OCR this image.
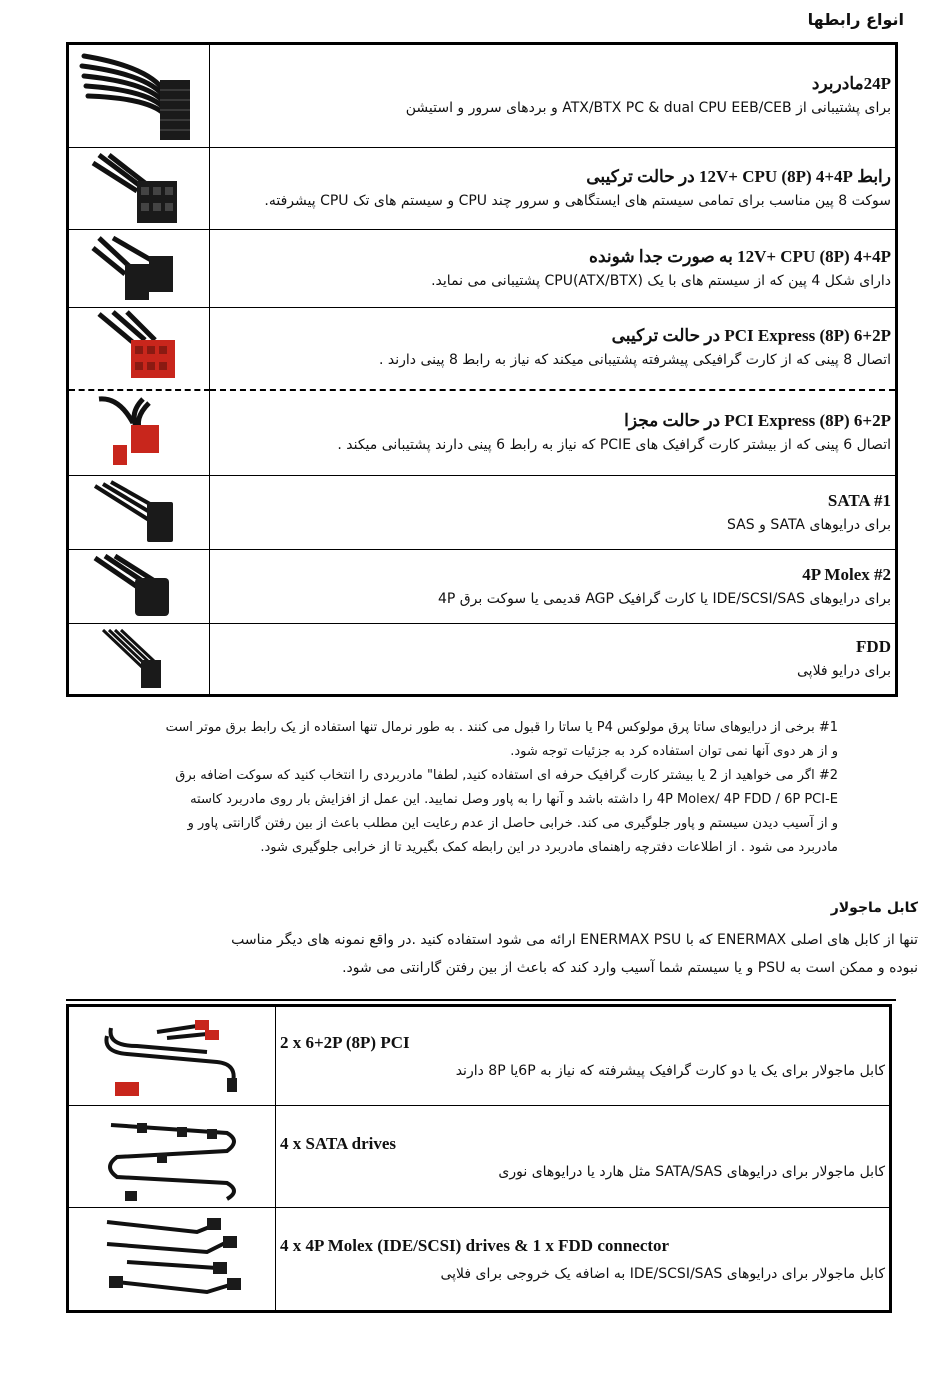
انواع رابطها

24Pمادربرد
برای پشتیبانی از ATX/BTX PC & dual CPU EEB/CEB و بردهای سرور و استیشن

رابط 12V+ CPU (8P) 4+4P در حالت ترکیبی
سوکت 8 پین مناسب برای تمامی سیستم های ایستگاهی و سرور چند CPU و سیستم های تک CPU پیشرفته.

12V+ CPU (8P) 4+4P به صورت جدا شونده
دارای شکل 4 پین که از سیستم های با یک CPU(ATX/BTX) پشتیبانی می نماید.

PCI Express (8P) 6+2P در حالت ترکیبی
اتصال 8 پینی که از کارت گرافیکی پیشرفته پشتیبانی میکند که نیاز به رابط 8 پینی دارند .

PCI Express (8P) 6+2P در حالت مجزا
اتصال 6 پینی که از بیشتر کارت گرافیک های PCIE که نیاز به رابط 6 پینی دارند پشتیبانی میکند .

SATA #1
برای درایوهای SATA و SAS

4P Molex #2
برای درایوهای IDE/SCSI/SAS یا کارت گرافیک AGP قدیمی یا سوکت برق 4P

FDD
برای درایو فلاپی

#1 برخی از درایوهای ساتا پرق مولوکس P4 یا ساتا را قبول می کنند . به طور نرمال تنها استفاده از یک رابط برق موتر است

و از هر دوی آنها نمی توان استفاده کرد به جزئیات توجه شود.

#2 اگر می خواهید از 2 یا بیشتر کارت گرافیک حرفه ای استفاده کنید, لطفا" مادربردی را انتخاب کنید که سوکت اضافه برق

4P Molex/ 4P FDD / 6P PCI-E را داشته باشد و آنها را به پاور وصل نمایید. این عمل از افزایش بار روی مادربرد کاسته

و از آسیب دیدن سیستم و پاور جلوگیری می کند. خرابی حاصل از عدم رعایت این مطلب باعث از بین رفتن گارانتی پاور و

مادربرد می شود . از اطلاعات دفترچه راهنمای مادربرد در این رابطه کمک بگیرید تا از خرابی جلوگیری شود.

کابل ماجولار
تنها از کابل های اصلی ENERMAX که با ENERMAX PSU ارائه می شود استفاده کنید .در واقع نمونه های دیگر مناسب
نبوده و ممکن است به PSU و یا سیستم شما آسیب وارد کند که باعث از بین رفتن گارانتی می شود.

2 x 6+2P (8P) PCI
کابل ماجولار برای یک یا دو کارت گرافیک پیشرفته که نیاز به 6Pیا 8P دارند

4 x SATA drives
کابل ماجولار برای درایوهای SATA/SAS مثل هارد یا درایوهای نوری

4 x 4P Molex (IDE/SCSI) drives & 1 x FDD connector
کابل ماجولار برای درایوهای IDE/SCSI/SAS به اضافه یک خروجی برای فلاپی
